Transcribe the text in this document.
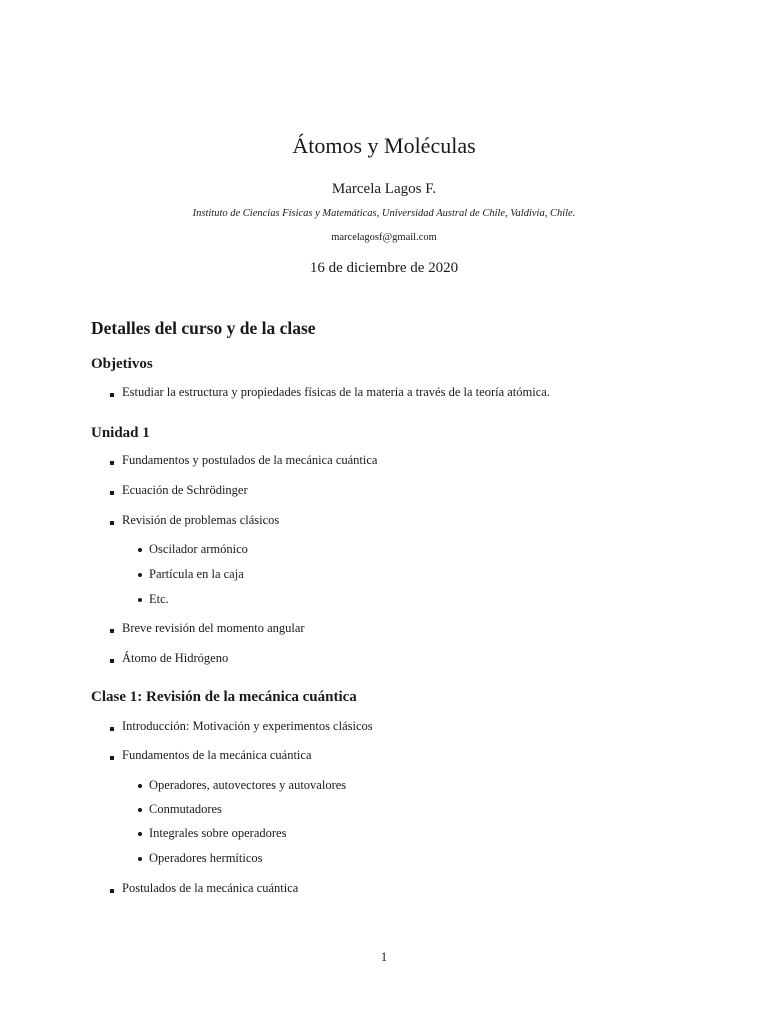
Átomos y Moléculas
Marcela Lagos F.
Instituto de Ciencias Físicas y Matemáticas, Universidad Austral de Chile, Valdivia, Chile.
marcelagosf@gmail.com
16 de diciembre de 2020
Detalles del curso y de la clase
Objetivos
Estudiar la estructura y propiedades físicas de la materia a través de la teoría atómica.
Unidad 1
Fundamentos y postulados de la mecánica cuántica
Ecuación de Schrödinger
Revisión de problemas clásicos
Oscilador armónico
Partícula en la caja
Etc.
Breve revisión del momento angular
Átomo de Hidrógeno
Clase 1: Revisión de la mecánica cuántica
Introducción: Motivación y experimentos clásicos
Fundamentos de la mecánica cuántica
Operadores, autovectores y autovalores
Conmutadores
Integrales sobre operadores
Operadores hermíticos
Postulados de la mecánica cuántica
1
